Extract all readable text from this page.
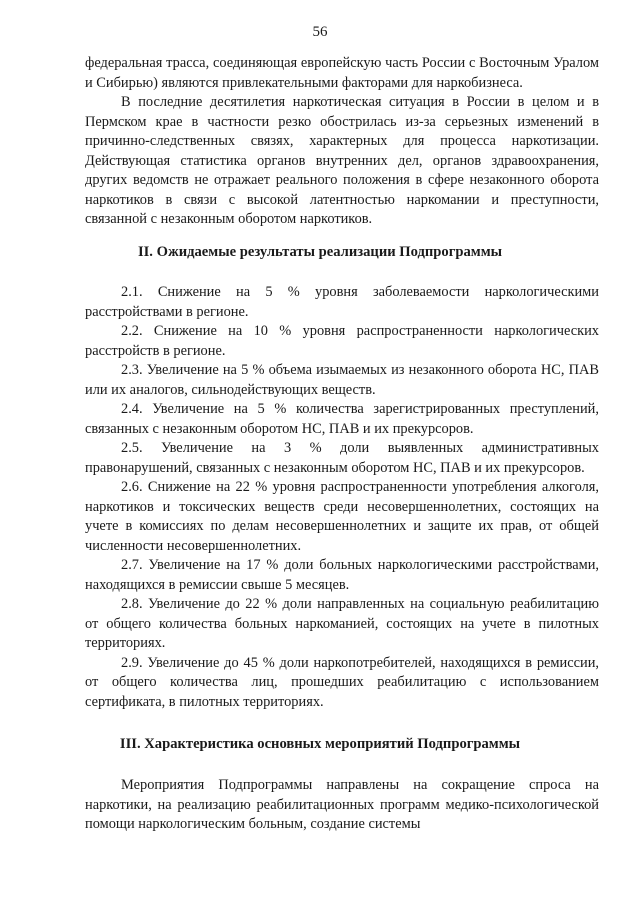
56

федеральная трасса, соединяющая европейскую часть России с Восточным Уралом и Сибирью) являются привлекательными факторами для наркобизнеса.

В последние десятилетия наркотическая ситуация в России в целом и в Пермском крае в частности резко обострилась из-за серьезных изменений в причинно-следственных связях, характерных для процесса наркотизации. Действующая статистика органов внутренних дел, органов здравоохранения, других ведомств не отражает реального положения в сфере незаконного оборота наркотиков в связи с высокой латентностью наркомании и преступности, связанной с незаконным оборотом наркотиков.

II. Ожидаемые результаты реализации Подпрограммы

2.1. Снижение на 5 % уровня заболеваемости наркологическими расстройствами в регионе.

2.2. Снижение на 10 % уровня распространенности наркологических расстройств в регионе.

2.3. Увеличение на 5 % объема изымаемых из незаконного оборота НС, ПАВ или их аналогов, сильнодействующих веществ.

2.4. Увеличение на 5 % количества зарегистрированных преступлений, связанных с незаконным оборотом НС, ПАВ и их прекурсоров.

2.5. Увеличение на 3 % доли выявленных административных правонарушений, связанных с незаконным оборотом НС, ПАВ и их прекурсоров.

2.6. Снижение на 22 % уровня распространенности употребления алкоголя, наркотиков и токсических веществ среди несовершеннолетних, состоящих на учете в комиссиях по делам несовершеннолетних и защите их прав, от общей численности несовершеннолетних.

2.7. Увеличение на 17 % доли больных наркологическими расстройствами, находящихся в ремиссии свыше 5 месяцев.

2.8. Увеличение до 22 % доли направленных на социальную реабилитацию от общего количества больных наркоманией, состоящих на учете в пилотных территориях.

2.9. Увеличение до 45 % доли наркопотребителей, находящихся в ремиссии, от общего количества лиц, прошедших реабилитацию с использованием сертификата, в пилотных территориях.

III. Характеристика основных мероприятий Подпрограммы

Мероприятия Подпрограммы направлены на сокращение спроса на наркотики, на реализацию реабилитационных программ медико-психологической помощи наркологическим больным, создание системы
